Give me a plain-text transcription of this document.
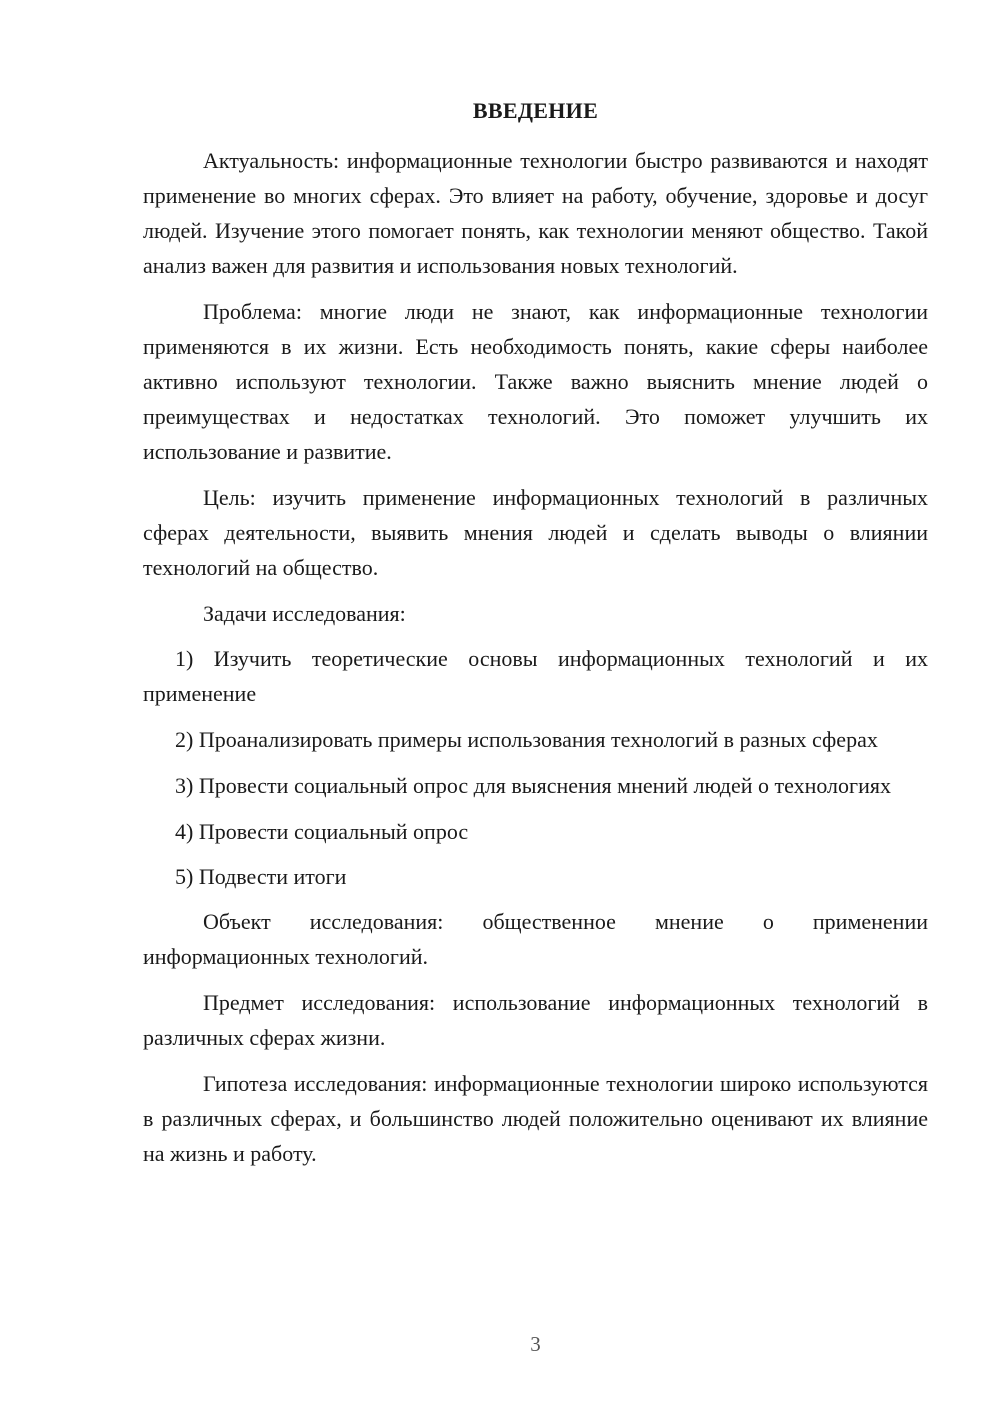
ВВЕДЕНИЕ

Актуальность: информационные технологии быстро развиваются и находят применение во многих сферах. Это влияет на работу, обучение, здоровье и досуг людей. Изучение этого помогает понять, как технологии меняют общество. Такой анализ важен для развития и использования новых технологий.

Проблема: многие люди не знают, как информационные технологии применяются в их жизни. Есть необходимость понять, какие сферы наиболее активно используют технологии. Также важно выяснить мнение людей о преимуществах и недостатках технологий. Это поможет улучшить их использование и развитие.

Цель: изучить применение информационных технологий в различных сферах деятельности, выявить мнения людей и сделать выводы о влиянии технологий на общество.

Задачи исследования:

1) Изучить теоретические основы информационных технологий и их применение

2) Проанализировать примеры использования технологий в разных сферах

3) Провести социальный опрос для выяснения мнений людей о технологиях

4) Провести социальный опрос

5) Подвести итоги

Объект исследования: общественное мнение о применении информационных технологий.

Предмет исследования: использование информационных технологий в различных сферах жизни.

Гипотеза исследования: информационные технологии широко используются в различных сферах, и большинство людей положительно оценивают их влияние на жизнь и работу.

3
